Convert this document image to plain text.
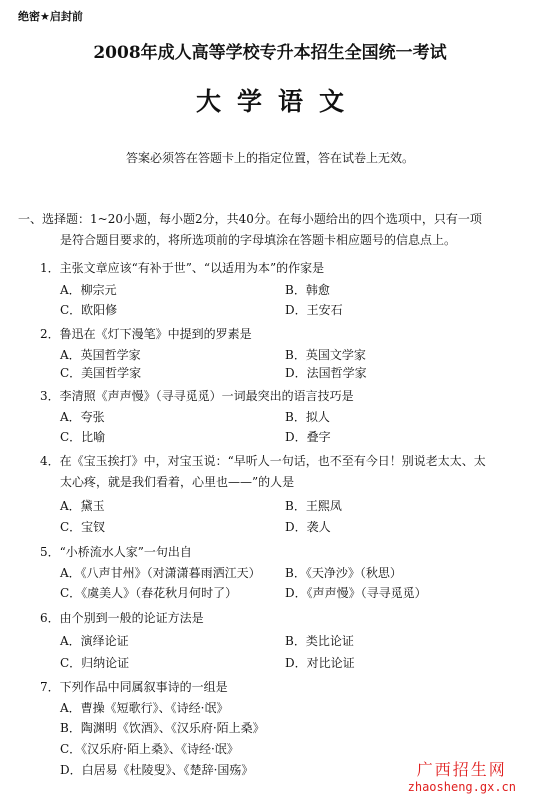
绝密★启封前
2008年成人高等学校专升本招生全国统一考试
大学语文
答案必须答在答题卡上的指定位置，答在试卷上无效。
一、选择题：1~20小题，每小题2分，共40分。在每小题给出的四个选项中，只有一项
是符合题目要求的，将所选项前的字母填涂在答题卡相应题号的信息点上。
1．主张文章应该“有补于世”、“以适用为本”的作家是
A．柳宗元	B．韩愈
C．欧阳修	D．王安石
2．鲁迅在《灯下漫笔》中提到的罗素是
A．英国哲学家	B．英国文学家
C．美国哲学家	D．法国哲学家
3．李清照《声声慢》（寻寻觅觅）一词最突出的语言技巧是
A．夸张	B．拟人
C．比喻	D．叠字
4．在《宝玉挨打》中，对宝玉说：“早听人一句话，也不至有今日！别说老太太、太
太心疼，就是我们看着，心里也——”的人是
A．黛玉	B．王熙凤
C．宝钗	D．袭人
5．“小桥流水人家”一句出自
A．《八声甘州》（对潇潇暮雨洒江天） B．《天净沙》（秋思）
C．《虞美人》（春花秋月何时了）	D．《声声慢》（寻寻觅觅）
6．由个别到一般的论证方法是
A．演绎论证	B．类比论证
C．归纳论证	D．对比论证
7．下列作品中同属叙事诗的一组是
A．曹操《短歌行》、《诗经·氓》
B．陶渊明《饮酒》、《汉乐府·陌上桑》
C．《汉乐府·陌上桑》、《诗经·氓》
D．白居易《杜陵叟》、《楚辞·国殇》	广西招生网
zhaosheng.gx.cn
